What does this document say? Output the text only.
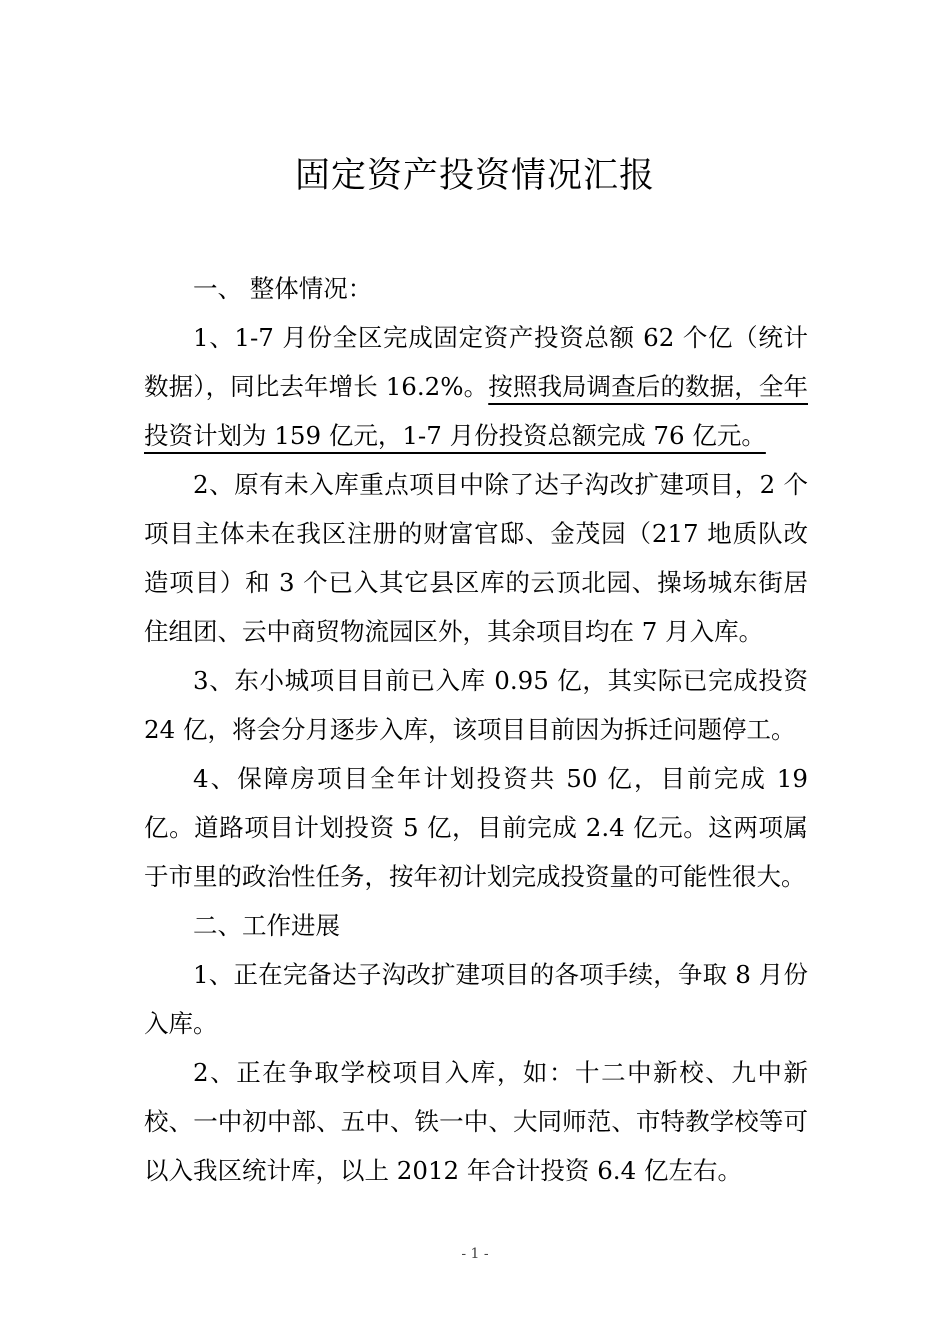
固定资产投资情况汇报

一、 整体情况：

1、1-7 月份全区完成固定资产投资总额 62 个亿（统计数据），同比去年增长 16.2%。按照我局调查后的数据，全年投资计划为 159 亿元，1-7 月份投资总额完成 76 亿元。

2、原有未入库重点项目中除了达子沟改扩建项目，2 个项目主体未在我区注册的财富官邸、金茂园（217 地质队改造项目）和 3 个已入其它县区库的云顶北园、操场城东街居住组团、云中商贸物流园区外，其余项目均在 7 月入库。

3、东小城项目目前已入库 0.95 亿，其实际已完成投资 24 亿，将会分月逐步入库，该项目目前因为拆迁问题停工。

4、保障房项目全年计划投资共 50 亿，目前完成 19 亿。道路项目计划投资 5 亿，目前完成 2.4 亿元。这两项属于市里的政治性任务，按年初计划完成投资量的可能性很大。

二、工作进展

1、正在完备达子沟改扩建项目的各项手续，争取 8 月份入库。

2、正在争取学校项目入库，如：十二中新校、九中新校、一中初中部、五中、铁一中、大同师范、市特教学校等可以入我区统计库，以上 2012 年合计投资 6.4 亿左右。

- 1 -
